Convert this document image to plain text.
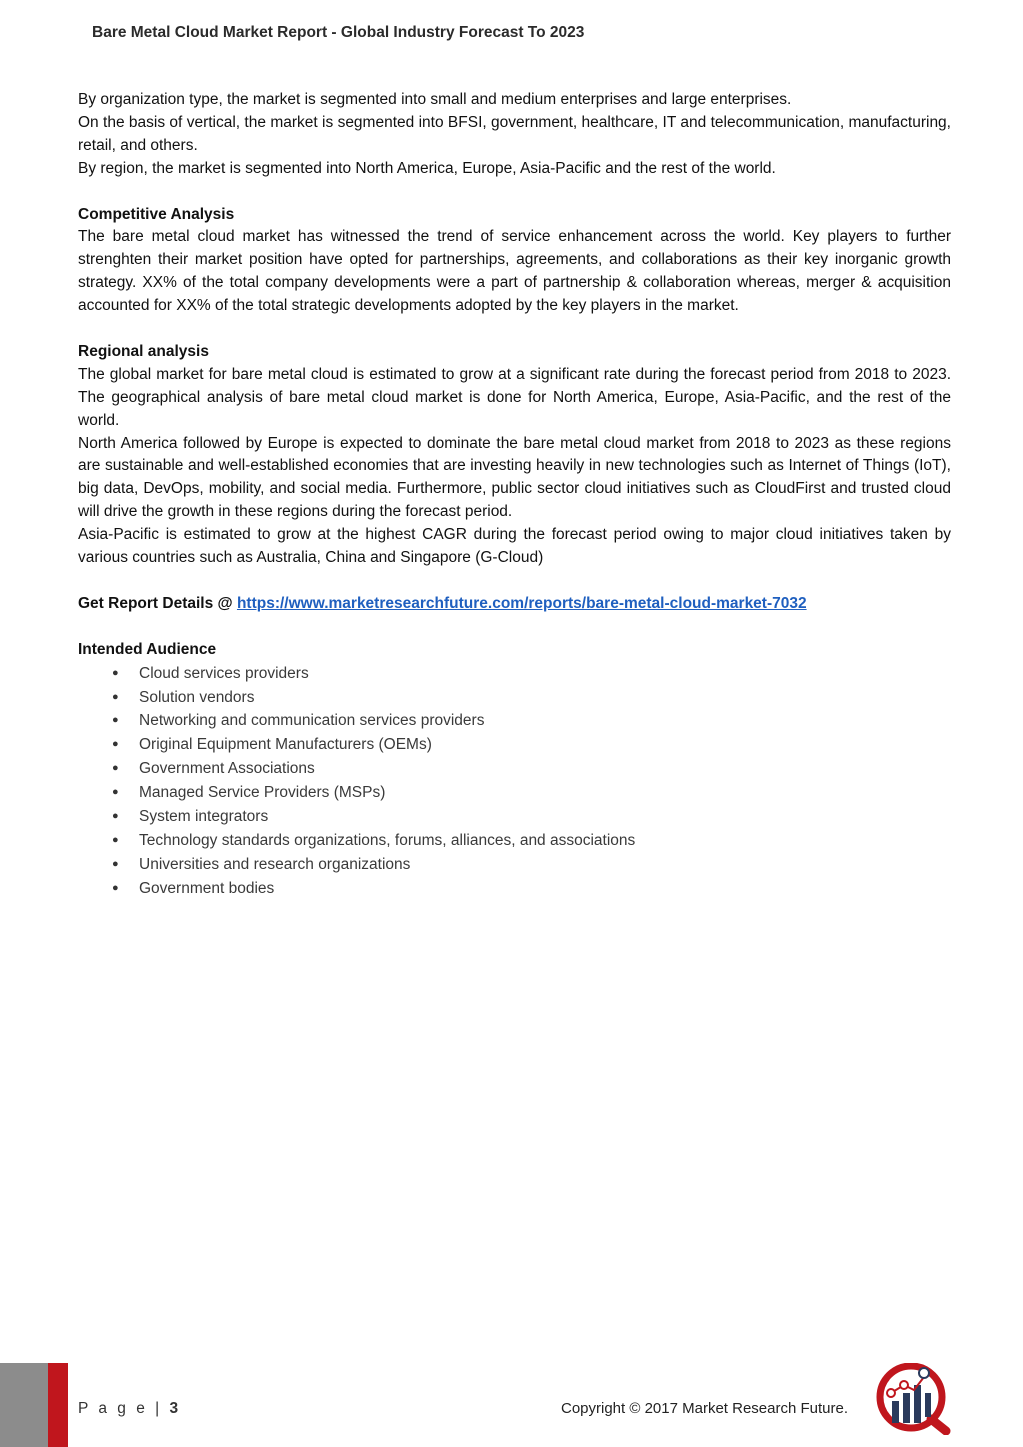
Bare Metal Cloud Market Report - Global Industry Forecast To 2023

By organization type, the market is segmented into small and medium enterprises and large enterprises.

On the basis of vertical, the market is segmented into BFSI, government, healthcare, IT and telecommunication, manufacturing, retail, and others.

By region, the market is segmented into North America, Europe, Asia-Pacific and the rest of the world.

Competitive Analysis

The bare metal cloud market has witnessed the trend of service enhancement across the world. Key players to further strenghten their market position have opted for partnerships, agreements, and collaborations as their key inorganic growth strategy. XX% of the total company developments were a part of partnership & collaboration whereas, merger & acquisition accounted for XX% of the total strategic developments adopted by the key players in the market.

Regional analysis

The global market for bare metal cloud is estimated to grow at a significant rate during the forecast period from 2018 to 2023. The geographical analysis of bare metal cloud market is done for North America, Europe, Asia-Pacific, and the rest of the world.

North America followed by Europe is expected to dominate the bare metal cloud market from 2018 to 2023 as these regions are sustainable and well-established economies that are investing heavily in new technologies such as Internet of Things (IoT), big data, DevOps, mobility, and social media. Furthermore, public sector cloud initiatives such as CloudFirst and trusted cloud will drive the growth in these regions during the forecast period.

Asia-Pacific is estimated to grow at the highest CAGR during the forecast period owing to major cloud initiatives taken by various countries such as Australia, China and Singapore (G-Cloud)

Get Report Details @ https://www.marketresearchfuture.com/reports/bare-metal-cloud-market-7032

Intended Audience

● Cloud services providers
● Solution vendors
● Networking and communication services providers
● Original Equipment Manufacturers (OEMs)
● Government Associations
● Managed Service Providers (MSPs)
● System integrators
● Technology standards organizations, forums, alliances, and associations
● Universities and research organizations
● Government bodies
P a g e | 3	Copyright © 2017 Market Research Future.
